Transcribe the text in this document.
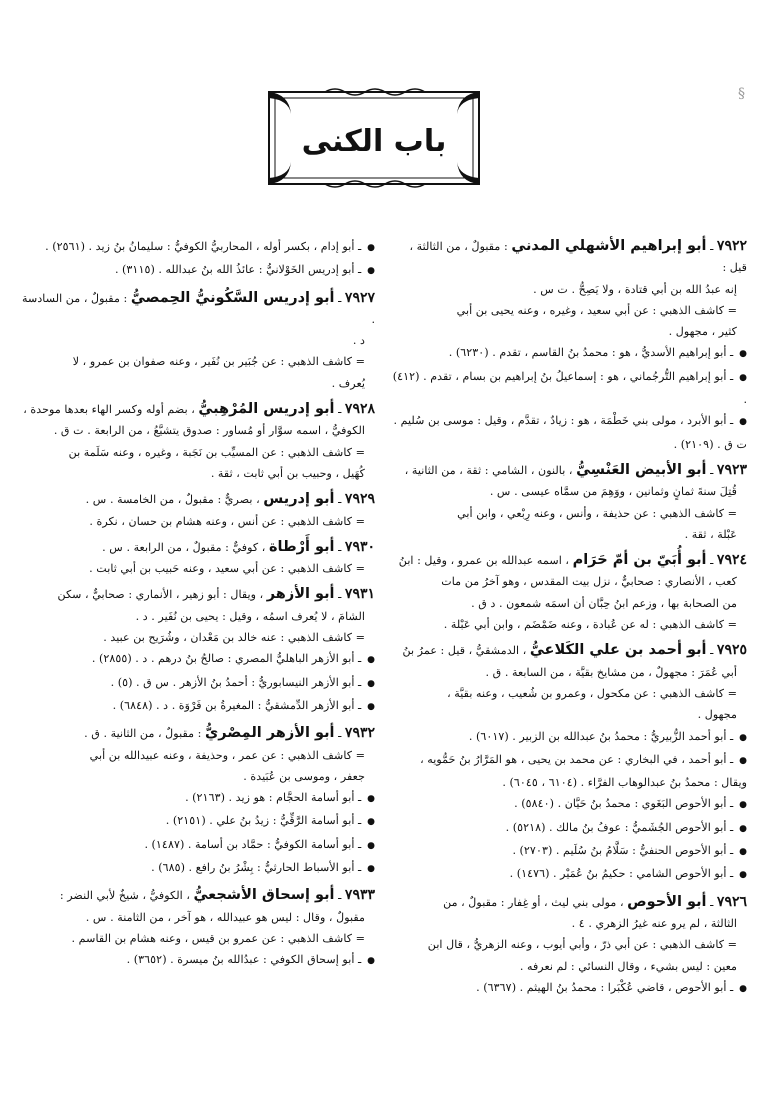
§
باب الكنى

٧٩٢٢ ـ أبو إبراهيم الأشهلي المدني : مقبولٌ ، من الثالثة ، قيل :

إنه عبدُ الله بن أبي قتادة ، ولا يَصِحُّ . ت س .

= كاشف الذهبي : عن أبي سعيد ، وغيره ، وعنه يحيى بن أبي

كثير ، مجهول .

● ـ أبو إبراهيم الأسديُّ ، هو : محمدُ بنُ القاسم ، تقدم . (٦٢٣٠) .

● ـ أبو إبراهيم التُّرجُماني ، هو : إسماعيلُ بنُ إبراهيم بن بسام ، تقدم . (٤١٢) .

● ـ أبو الأبرد ، مولى بني خَطْمَة ، هو : زيادٌ ، تقدَّم ، وقيل : موسى بن سُليم . ت ق . (٢١٠٩) .

٧٩٢٣ ـ أبو الأبيض العَنْسِيُّ ، بالنون ، الشامي : ثقة ، من الثانية ،

قُتِلَ سنةَ ثمانٍ وثمانين ، ووَهِمَ من سمَّاه عيسى . س .

= كاشف الذهبي : عن حذيفة ، وأنس ، وعنه رِبْعي ، وابن أبي

عَبْلة ، ثقة .

٧٩٢٤ ـ أبو أُبَيّ بن أمّ حَرَام ، اسمه عبدالله بن عمرو ، وقيل : ابنُ

كعب ، الأنصاري : صحابيٌّ ، نزل بيت المقدس ، وهو آخرُ من مات

من الصحابة بها ، وزعم ابنُ حِبَّان أن اسمَه شمعون . د ق .

= كاشف الذهبي : له عن عُبادة ، وعنه ضَمْضَم ، وابن أبي عَبْلة .

٧٩٢٥ ـ أبو أحمد بن علي الكَلاعيُّ ، الدمشقيُّ ، قيل : عمرُ بنُ

أبي عُمَرَ : مجهولٌ ، من مشايخ بقيَّة ، من السابعة . ق .

= كاشف الذهبي : عن مكحول ، وعمرو بن شُعيب ، وعنه بقيَّة ،

مجهول .

● ـ أبو أحمد الزُّبيريُّ : محمدُ بنُ عبدالله بن الزبير . (٦٠١٧) .

● ـ أبو أحمد ، في البخاري : عن محمد بن يحيى ، هو المَرَّارُ بنُ حَمُّويه ، ويقال : محمدُ بنُ عبدالوهاب الفرَّاء . (٦١٠٤ ، ٦٠٤٥) .

● ـ أبو الأحوص البَغَوي : محمدُ بنُ حَيَّان . (٥٨٤٠) .

● ـ أبو الأحوص الجُشَميُّ : عوفُ بنُ مالك . (٥٢١٨) .

● ـ أبو الأحوص الحنفيُّ : سَلَّامُ بنُ سُلَيم . (٢٧٠٣) .

● ـ أبو الأحوص الشامي : حكيمُ بنُ عُمَيْر . (١٤٧٦) .

٧٩٢٦ ـ أبو الأحوص ، مولى بني ليث ، أو غِفار : مقبولٌ ، من

الثالثة ، لم يرو عنه غيرُ الزهري . ٤ .

= كاشف الذهبي : عن أبي ذرّ ، وأبي أيوب ، وعنه الزهريُّ ، قال ابن

معين : ليس بشيء ، وقال النسائي : لم نعرفه .

● ـ أبو الأحوص ، قاضي عُكْبَرا : محمدُ بنُ الهيثم . (٦٣٦٧) .

● ـ أبو إدام ، بكسر أوله ، المحاربيُّ الكوفيُّ : سليمانُ بنُ زيد . (٢٥٦١) .

● ـ أبو إدريس الخَوْلانيُّ : عائذُ الله بنُ عبدالله . (٣١١٥) .

٧٩٢٧ ـ أبو إدريس السَّكُونيُّ الحِمصيُّ : مقبولٌ ، من السادسة .

د .

= كاشف الذهبي : عن جُبَير بن نُفَير ، وعنه صفوان بن عمرو ، لا

يُعرف .

٧٩٢٨ ـ أبو إدريس المُرْهِبيُّ ، بضم أوله وكسر الهاء بعدها موحدة ،

الكوفيُّ ، اسمه سوَّار أو مُساور : صدوق يتشيَّعُ ، من الرابعة . ت ق .

= كاشف الذهبي : عن المسيِّب بن نَجَبة ، وغيره ، وعنه سَلَمة بن

كُهَيل ، وحبيب بن أبي ثابت ، ثقة .

٧٩٢٩ ـ أبو إدريس ، بصريٌّ : مقبولٌ ، من الخامسة . س .

= كاشف الذهبي : عن أنس ، وعنه هشام بن حسان ، نكرة .

٧٩٣٠ ـ أبو أَرْطاة ، كوفيٌّ : مقبولٌ ، من الرابعة . س .

= كاشف الذهبي : عن أبي سعيد ، وعنه حَبيب بن أبي ثابت .

٧٩٣١ ـ أبو الأزهر ، ويقال : أبو زهير ، الأنماري : صحابيٌّ ، سكن

الشامَ ، لا يُعرف اسمُه ، وقيل : يحيى بن نُفَير . د .

= كاشف الذهبي : عنه خالد بن مَعْدان ، وشُرَيح بن عبيد .

● ـ أبو الأزهر الباهليُّ المصري : صالحُ بنُ درهم . د . (٢٨٥٥) .

● ـ أبو الأزهر النيسابوريُّ : أحمدُ بنُ الأزهر . س ق . (٥) .

● ـ أبو الأزهر الدِّمشقيُّ : المغيرةُ بن فَرْوَة . د . (٦٨٤٨) .

٧٩٣٢ ـ أبو الأزهر المِصْريُّ : مقبولٌ ، من الثانية . ق .

= كاشف الذهبي : عن عمر ، وحذيفة ، وعنه عبيدالله بن أبي

جعفر ، وموسى بن عُبَيدة .

● ـ أبو أسامة الحجَّام : هو زيد . (٢١٦٣) .

● ـ أبو أسامة الرَّقِّيُّ : زيدُ بنُ علي . (٢١٥١) .

● ـ أبو أسامة الكوفيُّ : حمَّاد بن أسامة . (١٤٨٧) .

● ـ أبو الأسباط الحارثيُّ : بِشْرُ بنُ رافع . (٦٨٥) .

٧٩٣٣ ـ أبو إسحاق الأشجعيُّ ، الكوفيُّ ، شيخٌ لأبي النضر :

مقبولٌ ، وقال : ليس هو عبيدالله ، هو آخر ، من الثامنة . س .

= كاشف الذهبي : عن عمرو بن قيس ، وعنه هشام بن القاسم .

● ـ أبو إسحاق الكوفي : عبدُالله بنُ ميسرة . (٣٦٥٢) .
